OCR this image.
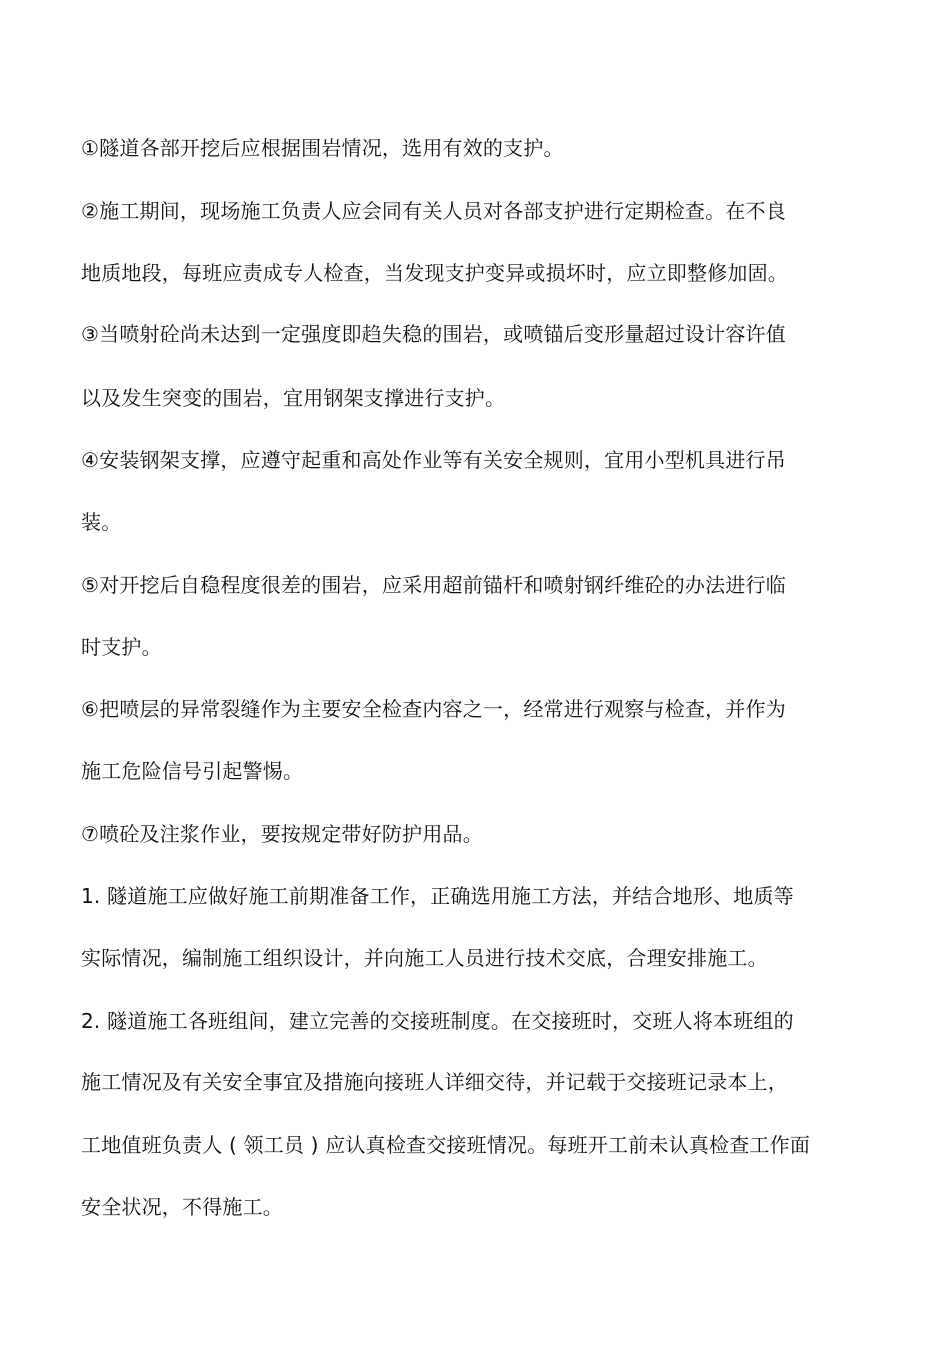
①隧道各部开挖后应根据围岩情况，选用有效的支护。
②施工期间，现场施工负责人应会同有关人员对各部支护进行定期检查。在不良
地质地段，每班应责成专人检查，当发现支护变异或损坏时，应立即整修加固。
③当喷射砼尚未达到一定强度即趋失稳的围岩，或喷锚后变形量超过设计容许值
以及发生突变的围岩，宜用钢架支撑进行支护。
④安装钢架支撑，应遵守起重和高处作业等有关安全规则，宜用小型机具进行吊
装。
⑤对开挖后自稳程度很差的围岩，应采用超前锚杆和喷射钢纤维砼的办法进行临
时支护。
⑥把喷层的异常裂缝作为主要安全检查内容之一，经常进行观察与检查，并作为
施工危险信号引起警惕。
⑦喷砼及注浆作业，要按规定带好防护用品。
1. 隧道施工应做好施工前期准备工作，正确选用施工方法，并结合地形、地质等
实际情况，编制施工组织设计，并向施工人员进行技术交底，合理安排施工。
2. 隧道施工各班组间，建立完善的交接班制度。在交接班时，交班人将本班组的
施工情况及有关安全事宜及措施向接班人详细交待，并记载于交接班记录本上，
工地值班负责人 ( 领工员 ) 应认真检查交接班情况。每班开工前未认真检查工作面
安全状况，不得施工。
